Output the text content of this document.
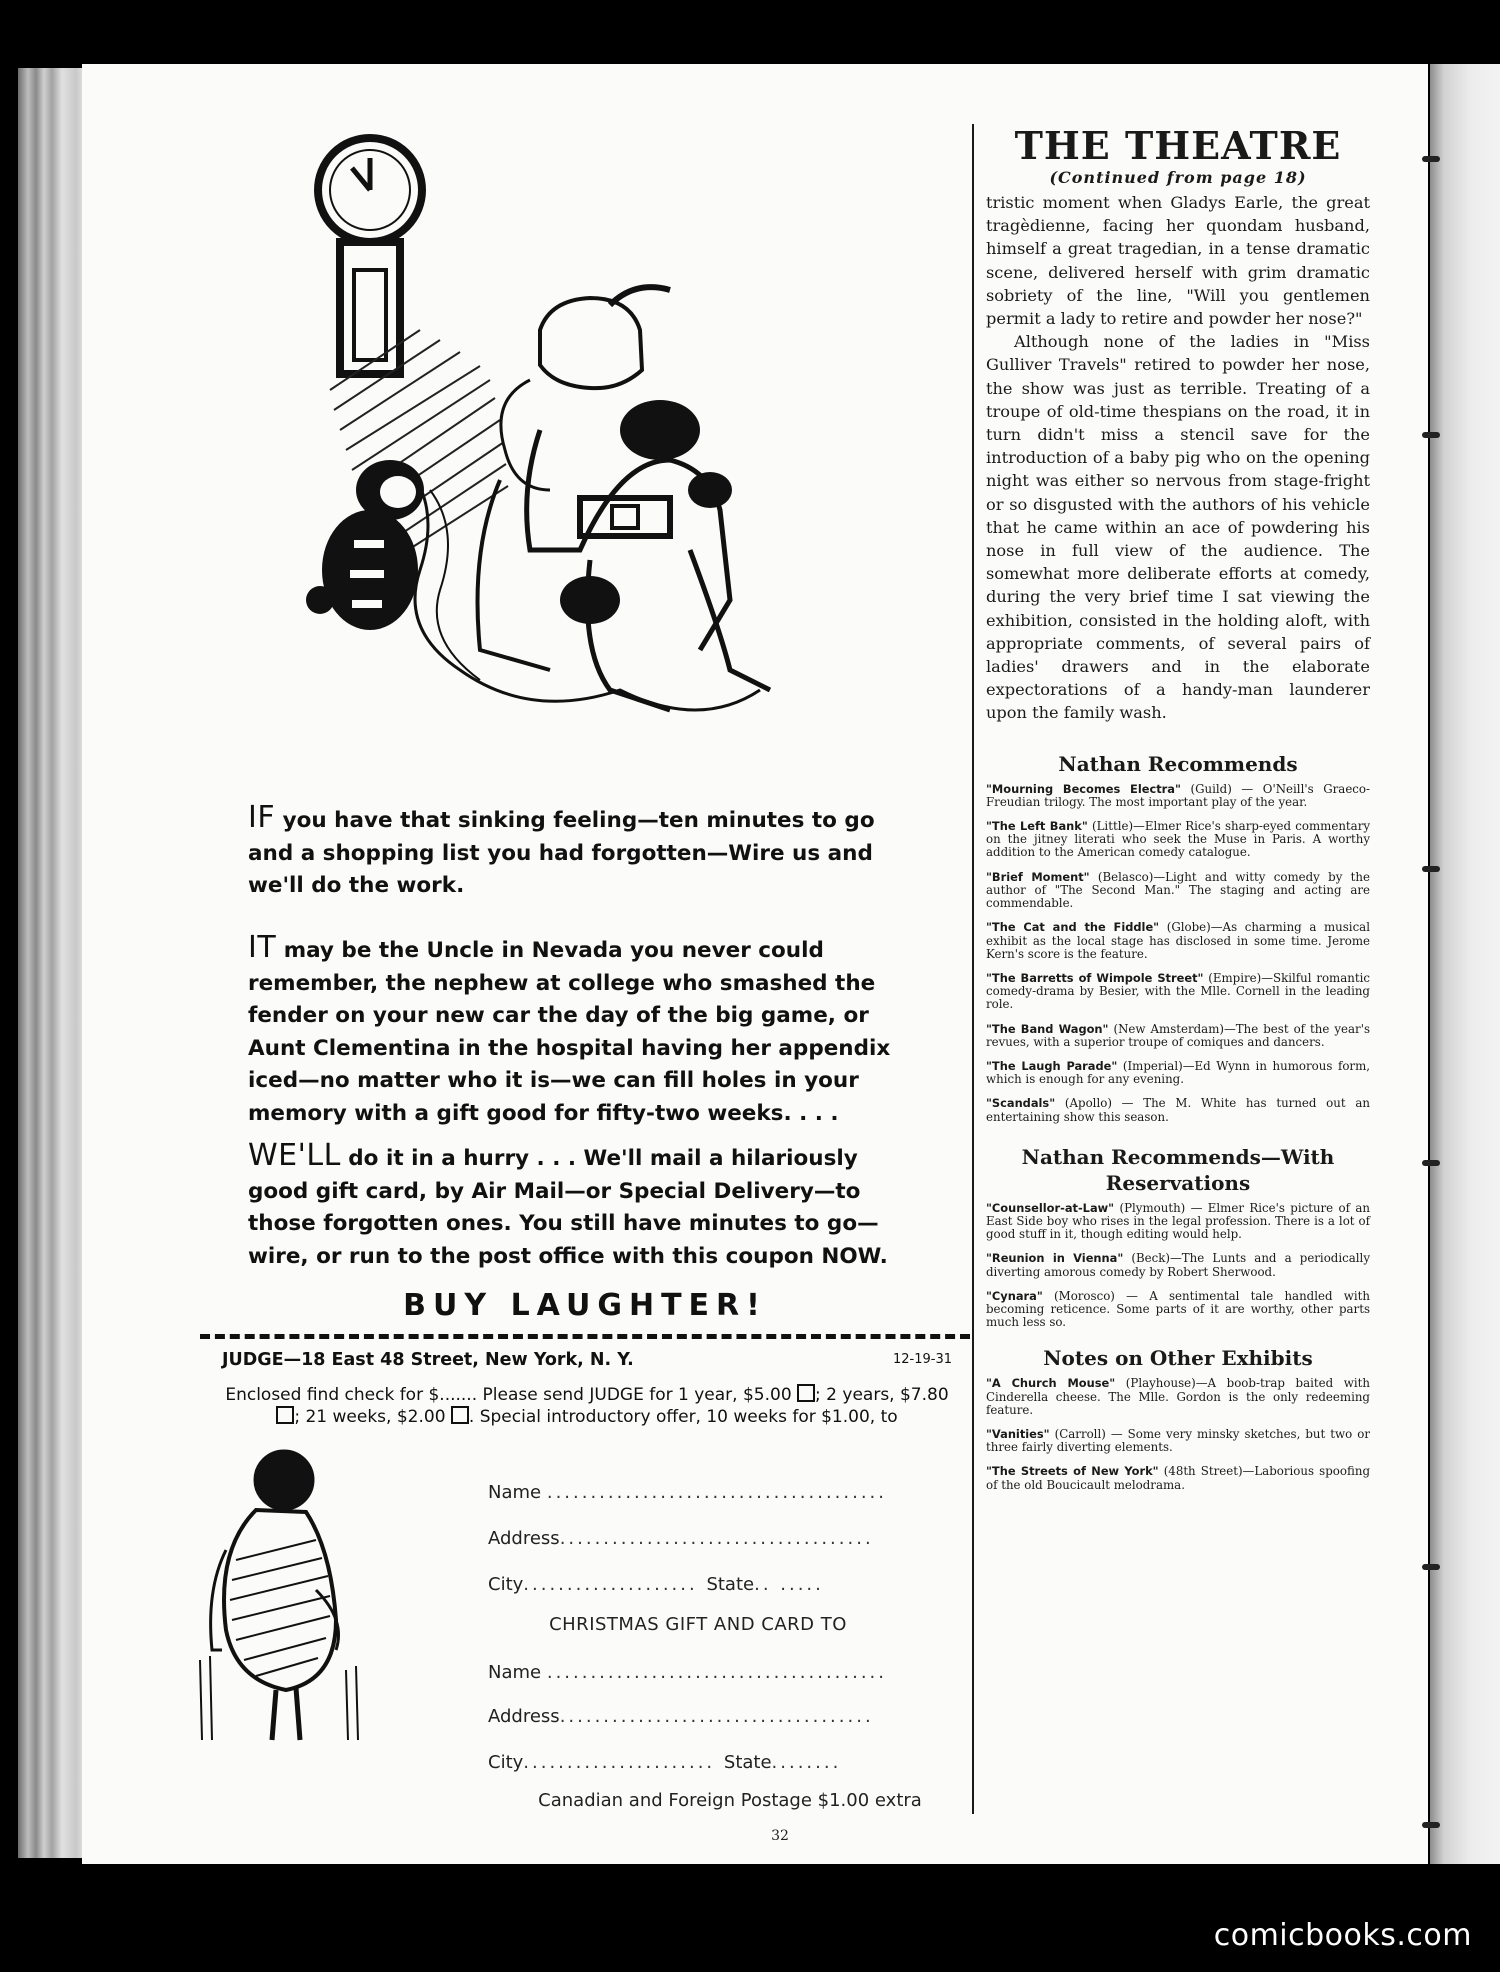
IF you have that sinking feeling—ten minutes to go and a shopping list you had forgotten—Wire us and we'll do the work.
IT may be the Uncle in Nevada you never could remember, the nephew at college who smashed the fender on your new car the day of the big game, or Aunt Clementina in the hospital having her appendix iced—no matter who it is—we can fill holes in your memory with a gift good for fifty-two weeks. . . .
WE'LL do it in a hurry . . . We'll mail a hilariously good gift card, by Air Mail—or Special Delivery—to those forgotten ones. You still have minutes to go—wire, or run to the post office with this coupon NOW.
BUY LAUGHTER!
JUDGE—18 East 48 Street, New York, N. Y.	12-19-31
Enclosed find check for $....... Please send JUDGE for 1 year, $5.00 ; 2 years, $7.80 ; 21 weeks, $2.00 . Special introductory offer, 10 weeks for $1.00, to
Name .......................................
Address....................................
City.................... State.. .....
CHRISTMAS GIFT AND CARD TO
Name .......................................
Address....................................
City...................... State........
Canadian and Foreign Postage $1.00 extra
32
THE THEATRE

(Continued from page 18)

tristic moment when Gladys Earle, the great tragèdienne, facing her quondam husband, himself a great tragedian, in a tense dramatic scene, delivered herself with grim dramatic sobriety of the line, "Will you gentlemen permit a lady to retire and powder her nose?"

Although none of the ladies in "Miss Gulliver Travels" retired to powder her nose, the show was just as terrible. Treating of a troupe of old-time thespians on the road, it in turn didn't miss a stencil save for the introduction of a baby pig who on the opening night was either so nervous from stage-fright or so disgusted with the authors of his vehicle that he came within an ace of powdering his nose in full view of the audience. The somewhat more deliberate efforts at comedy, during the very brief time I sat viewing the exhibition, consisted in the holding aloft, with appropriate comments, of several pairs of ladies' drawers and in the elaborate expectorations of a handy-man launderer upon the family wash.

Nathan Recommends

"Mourning Becomes Electra" (Guild) — O'Neill's Graeco-Freudian trilogy. The most important play of the year.

"The Left Bank" (Little)—Elmer Rice's sharp-eyed commentary on the jitney literati who seek the Muse in Paris. A worthy addition to the American comedy catalogue.

"Brief Moment" (Belasco)—Light and witty comedy by the author of "The Second Man." The staging and acting are commendable.

"The Cat and the Fiddle" (Globe)—As charming a musical exhibit as the local stage has disclosed in some time. Jerome Kern's score is the feature.

"The Barretts of Wimpole Street" (Empire)—Skilful romantic comedy-drama by Besier, with the Mlle. Cornell in the leading role.

"The Band Wagon" (New Amsterdam)—The best of the year's revues, with a superior troupe of comiques and dancers.

"The Laugh Parade" (Imperial)—Ed Wynn in humorous form, which is enough for any evening.

"Scandals" (Apollo) — The M. White has turned out an entertaining show this season.

Nathan Recommends—With Reservations

"Counsellor-at-Law" (Plymouth) — Elmer Rice's picture of an East Side boy who rises in the legal profession. There is a lot of good stuff in it, though editing would help.

"Reunion in Vienna" (Beck)—The Lunts and a periodically diverting amorous comedy by Robert Sherwood.

"Cynara" (Morosco) — A sentimental tale handled with becoming reticence. Some parts of it are worthy, other parts much less so.

Notes on Other Exhibits

"A Church Mouse" (Playhouse)—A boob-trap baited with Cinderella cheese. The Mlle. Gordon is the only redeeming feature.

"Vanities" (Carroll) — Some very minsky sketches, but two or three fairly diverting elements.

"The Streets of New York" (48th Street)—Laborious spoofing of the old Boucicault melodrama.

comicbooks.com
